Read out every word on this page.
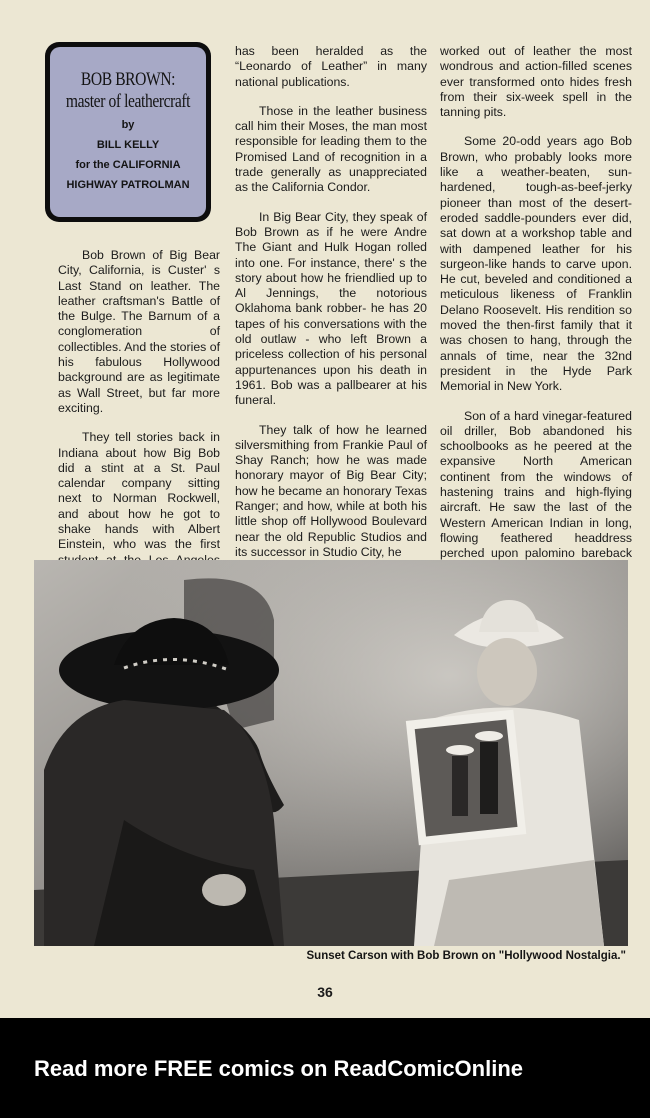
BOB BROWN:
master of leathercraft
by
BILL KELLY
for the CALIFORNIA
HIGHWAY PATROLMAN

Bob Brown of Big Bear City, California, is Custer' s Last Stand on leather. The leather craftsman's Battle of the Bulge. The Barnum of a conglomeration of collectibles. And the stories of his fabulous Hollywood background are as legitimate as Wall Street, but far more exciting.

They tell stories back in Indiana about how Big Bob did a stint at a St. Paul calendar company sitting next to Norman Rockwell, and about how he got to shake hands with Albert Einstein, who was the first

has been heralded as the “Leonardo of Leather” in many national publications.

Those in the leather business call him their Moses, the man most responsible for leading them to the Promised Land of recognition in a trade generally as unappreciated as the California Condor.

In Big Bear City, they speak of Bob Brown as if he were Andre The Giant and Hulk Hogan rolled into one. For instance, there' s the story about how he friendlied up to Al Jennings, the notorious Oklahoma bank robber- he has 20 tapes of his conversations with the old outlaw - who left Brown a priceless collection of his personal appurtenances upon his death in 1961. Bob was a pallbearer at his funeral.

They talk of how he learned silversmithing from Frankie Paul of Shay Ranch; how he was made honorary mayor of Big Bear City; how he became an honorary Texas Ranger; and how, while at both his little shop off Hollywood Boulevard near the old Republic Studios and its successor in Studio City, he

worked out of leather the most wondrous and action-filled scenes ever transformed onto hides fresh from their six-week spell in the tanning pits.

Some 20-odd years ago Bob Brown, who probably looks more like a weather-beaten, sun-hardened, tough-as-beef-jerky pioneer than most of the desert-eroded saddle-pounders ever did, sat down at a workshop table and with dampened leather for his surgeon-like hands to carve upon. He cut, beveled and conditioned a meticulous likeness of Franklin Delano Roosevelt. His rendition so moved the then-first family that it was chosen to hang, through the annals of time, near the 32nd president in the Hyde Park Memorial in New York.

Son of a hard vinegar-featured oil driller, Bob abandoned his schoolbooks as he peered at the expansive North American continent from the windows of hastening trains and high-flying aircraft. He saw the last of the Western American Indian in long, flowing feathered headdress perched upon palomino bareback

Sunset Carson with Bob Brown on "Hollywood Nostalgia."
36
Read more FREE comics on ReadComicOnline
